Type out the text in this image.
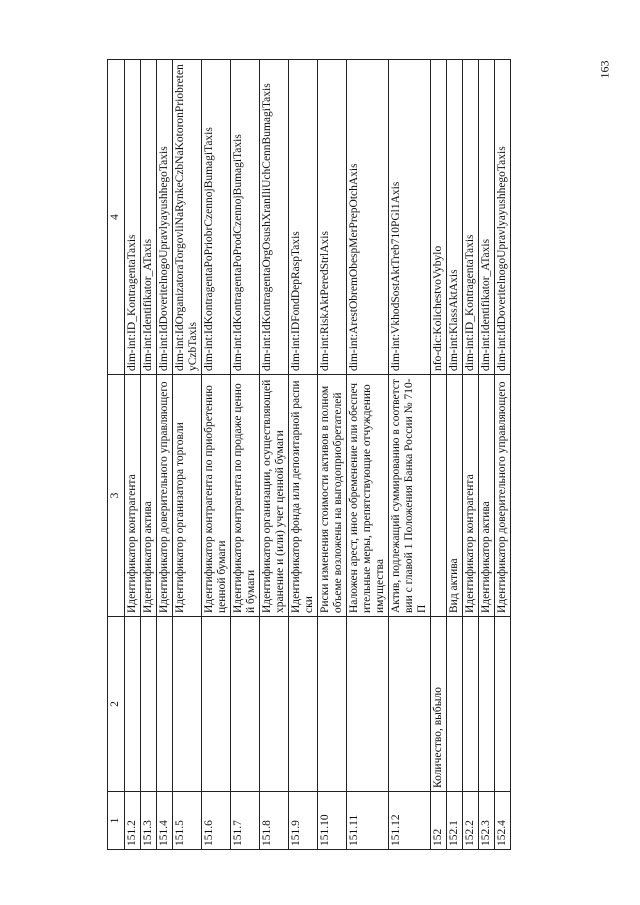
163
1	2	3	4
151.2		Идентификатор контрагента	dim-int:ID_KontragentaTaxis
151.3		Идентификатор актива	dim-int:Identifikator_ATaxis
151.4		Идентификатор доверительного управляющего	dim-int:IdDoveritelnogoUpravlyayushhegoTaxis
151.5		Идентификатор организатора торговли	dim-int:IdOrganizatoraTorgovliNaRynkeCzbNaKotoronPriobretenyCzbTaxis
151.6		Идентификатор контрагента по приобретению ценной бумаги	dim-int:IdKontragentaPoPriobrCzennojBumagiTaxis
151.7		Идентификатор контрагента по продаже ценной бумаги	dim-int:IdKontragentaPoProdCzennojBumagiTaxis
151.8		Идентификатор организации, осуществляющей хранение и (или) учет ценной бумаги	dim-int:IdKontragentaOrgOsushXranIliUchCennBumagiTaxis
151.9		Идентификатор фонда или депозитарной расписки	dim-int:IDFondDepRaspTaxis
151.10		Риски изменения стоимости активов в полном объеме возложены на выгодоприобретателей	dim-int:RiskAktPeredStrlAxis
151.11		Наложен арест, иное обременение или обеспечительные меры, препятствующие отчуждению имущества	dim-int:ArestObremObespMerPrepOtchAxis
151.12		Актив, подлежащий суммированию в соответствии с главой 1 Положения Банка России № 710-П	dim-int:VkhodSostAktTreb710PGl1Axis
152	Количество, выбыло		nfo-dic:KolichestvoVybylo
152.1		Вид актива	dim-int:KlassAktAxis
152.2		Идентификатор контрагента	dim-int:ID_KontragentaTaxis
152.3		Идентификатор актива	dim-int:Identifikator_ATaxis
152.4		Идентификатор доверительного управляющего	dim-int:IdDoveritelnogoUpravlyayushhegoTaxis
